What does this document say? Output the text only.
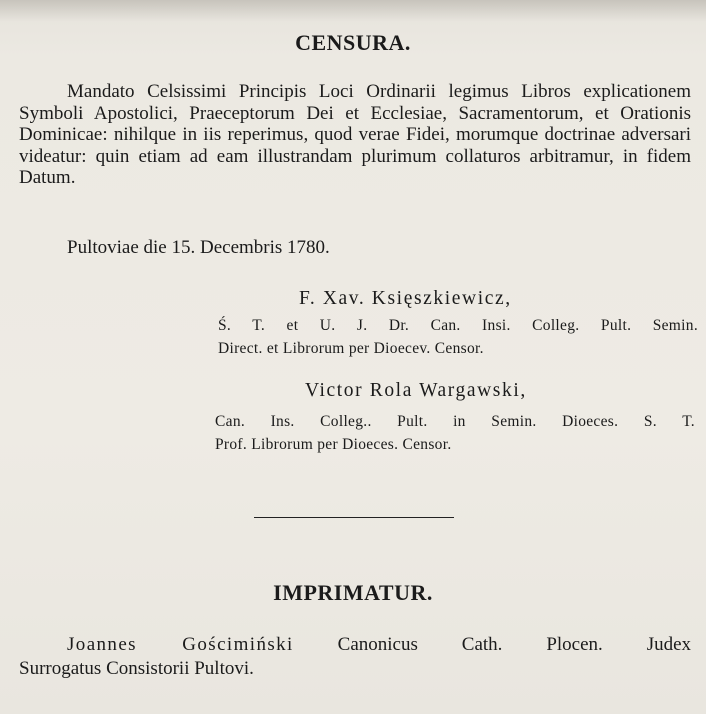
CENSURA.

Mandato Celsissimi Principis Loci Ordinarii legimus Libros explicationem Symboli Apostolici, Praeceptorum Dei et Ecclesiae, Sacramentorum, et Orationis Dominicae: nihilque in iis reperimus, quod verae Fidei, morumque doctrinae adversari videatur: quin etiam ad eam illustrandam plurimum collaturos arbitramur, in fidem Datum.

Pultoviae die 15. Decembris 1780.

F. Xav. Księszkiewicz,

Ś. T. et U. J. Dr. Can. Insi. Colleg. Pult. Semin.
Direct. et Librorum per Dioecev. Censor.

Victor Rola Wargawski,

Can. Ins. Colleg.. Pult. in Semin. Dioeces. S. T.
Prof. Librorum per Dioeces. Censor.
IMPRIMATUR.

Joannes Gościmiński Canonicus Cath. Plocen. Judex
Surrogatus Consistorii Pultovi.
